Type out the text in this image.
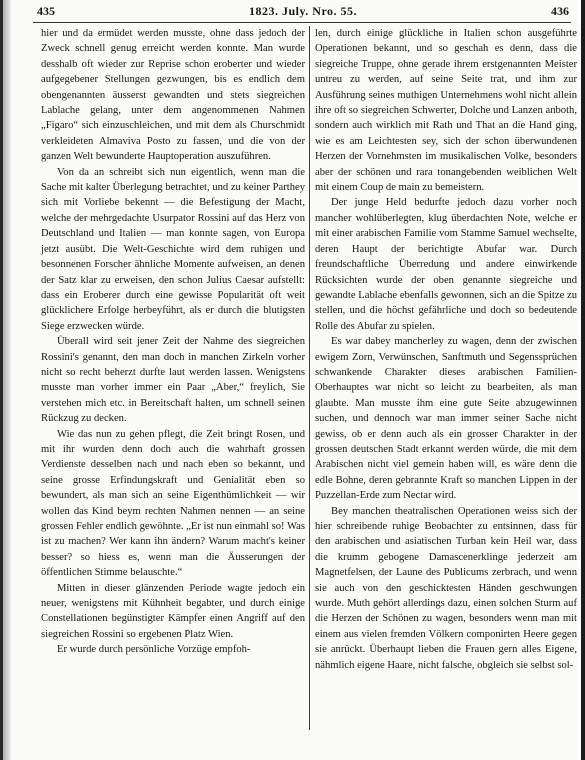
435	1823. July. Nro. 55.	436

hier und da ermüdet werden musste, ohne dass jedoch der Zweck schnell genug erreicht werden konnte. Man wurde desshalb oft wieder zur Reprise schon eroberter und wieder aufgegebener Stellungen gezwungen, bis es endlich dem obengenannten äusserst gewandten und stets siegreichen Lablache gelang, unter dem angenommenen Nahmen „Figaro“ sich einzuschleichen, und mit dem als Churschmidt verkleideten Almaviva Posto zu fassen, und die von der ganzen Welt bewunderte Hauptoperation auszuführen.

Von da an schreibt sich nun eigentlich, wenn man die Sache mit kalter Überlegung betrachtet, und zu keiner Parthey sich mit Vorliebe bekennt — die Befestigung der Macht, welche der mehrgedachte Usurpator Rossini auf das Herz von Deutschland und Italien — man konnte sagen, von Europa jetzt ausübt. Die Welt-Geschichte wird dem ruhigen und besonnenen Forscher ähnliche Momente aufweisen, an denen der Satz klar zu erweisen, den schon Julius Caesar aufstellt: dass ein Eroberer durch eine gewisse Popularität oft weit glücklichere Erfolge herbeyführt, als er durch die blutigsten Siege erzwecken würde.

Überall wird seit jener Zeit der Nahme des siegreichen Rossini's genannt, den man doch in manchen Zirkeln vorher nicht so recht beherzt durfte laut werden lassen. Wenigstens musste man vorher immer ein Paar „Aber,“ freylich, Sie verstehen mich etc. in Bereitschaft halten, um schnell seinen Rückzug zu decken.

Wie das nun zu gehen pflegt, die Zeit bringt Rosen, und mit ihr wurden denn doch auch die wahrhaft grossen Verdienste desselben nach und nach eben so bekannt, und seine grosse Erfindungskraft und Genialität eben so bewundert, als man sich an seine Eigenthümlichkeit — wir wollen das Kind beym rechten Nahmen nennen — an seine grossen Fehler endlich gewöhnte. „Er ist nun einmahl so! Was ist zu machen? Wer kann ihn ändern? Warum macht's keiner besser? so hiess es, wenn man die Äusserungen der öffentlichen Stimme belauschte.“

Mitten in dieser glänzenden Periode wagte jedoch ein neuer, wenigstens mit Kühnheit begabter, und durch einige Constellationen begünstigter Kämpfer einen Angriff auf den siegreichen Rossini so ergebenen Platz Wien.

Er wurde durch persönliche Vorzüge empfoh-

len, durch einige glückliche in Italien schon ausgeführte Operationen bekannt, und so geschah es denn, dass die siegreiche Truppe, ohne gerade ihrem erstgenannten Meister untreu zu werden, auf seine Seite trat, und ihm zur Ausführung seines muthigen Unternehmens wohl nicht allein ihre oft so siegreichen Schwerter, Dolche und Lanzen anboth, sondern auch wirklich mit Rath und That an die Hand ging, wie es am Leichtesten sey, sich der schon überwundenen Herzen der Vornehmsten im musikalischen Volke, besonders aber der schönen und rara tonangebenden weiblichen Welt mit einem Coup de main zu bemeistern.

Der junge Held bedurfte jedoch dazu vorher noch mancher wohlüberlegten, klug überdachten Note, welche er mit einer arabischen Familie vom Stamme Samuel wechselte, deren Haupt der berichtigte Abufar war. Durch freundschaftliche Überredung und andere einwirkende Rücksichten wurde der oben genannte siegreiche und gewandte Lablache ebenfalls gewonnen, sich an die Spitze zu stellen, und die höchst gefährliche und doch so bedeutende Rolle des Abufar zu spielen.

Es war dabey mancherley zu wagen, denn der zwischen ewigem Zorn, Verwünschen, Sanftmuth und Segenssprüchen schwankende Charakter dieses arabischen Familien-Oberhauptes war nicht so leicht zu bearbeiten, als man glaubte. Man musste ihm eine gute Seite abzugewinnen suchen, und dennoch war man immer seiner Sache nicht gewiss, ob er denn auch als ein grosser Charakter in der grossen deutschen Stadt erkannt werden würde, die mit dem Arabischen nicht viel gemein haben will, es wäre denn die edle Bohne, deren gebrannte Kraft so manchen Lippen in der Puzzellan-Erde zum Nectar wird.

Bey manchen theatralischen Operationen weiss sich der hier schreibende ruhige Beobachter zu entsinnen, dass für den arabischen und asiatischen Turban kein Heil war, dass die krumm gebogene Damascenerklinge jederzeit am Magnetfelsen, der Laune des Publicums zerbrach, und wenn sie auch von den geschicktesten Händen geschwungen wurde. Muth gehört allerdings dazu, einen solchen Sturm auf die Herzen der Schönen zu wagen, besonders wenn man mit einem aus vielen fremden Völkern componirten Heere gegen sie anrückt. Überhaupt lieben die Frauen gern alles Eigene, nähmlich eigene Haare, nicht falsche, obgleich sie selbst sol-
